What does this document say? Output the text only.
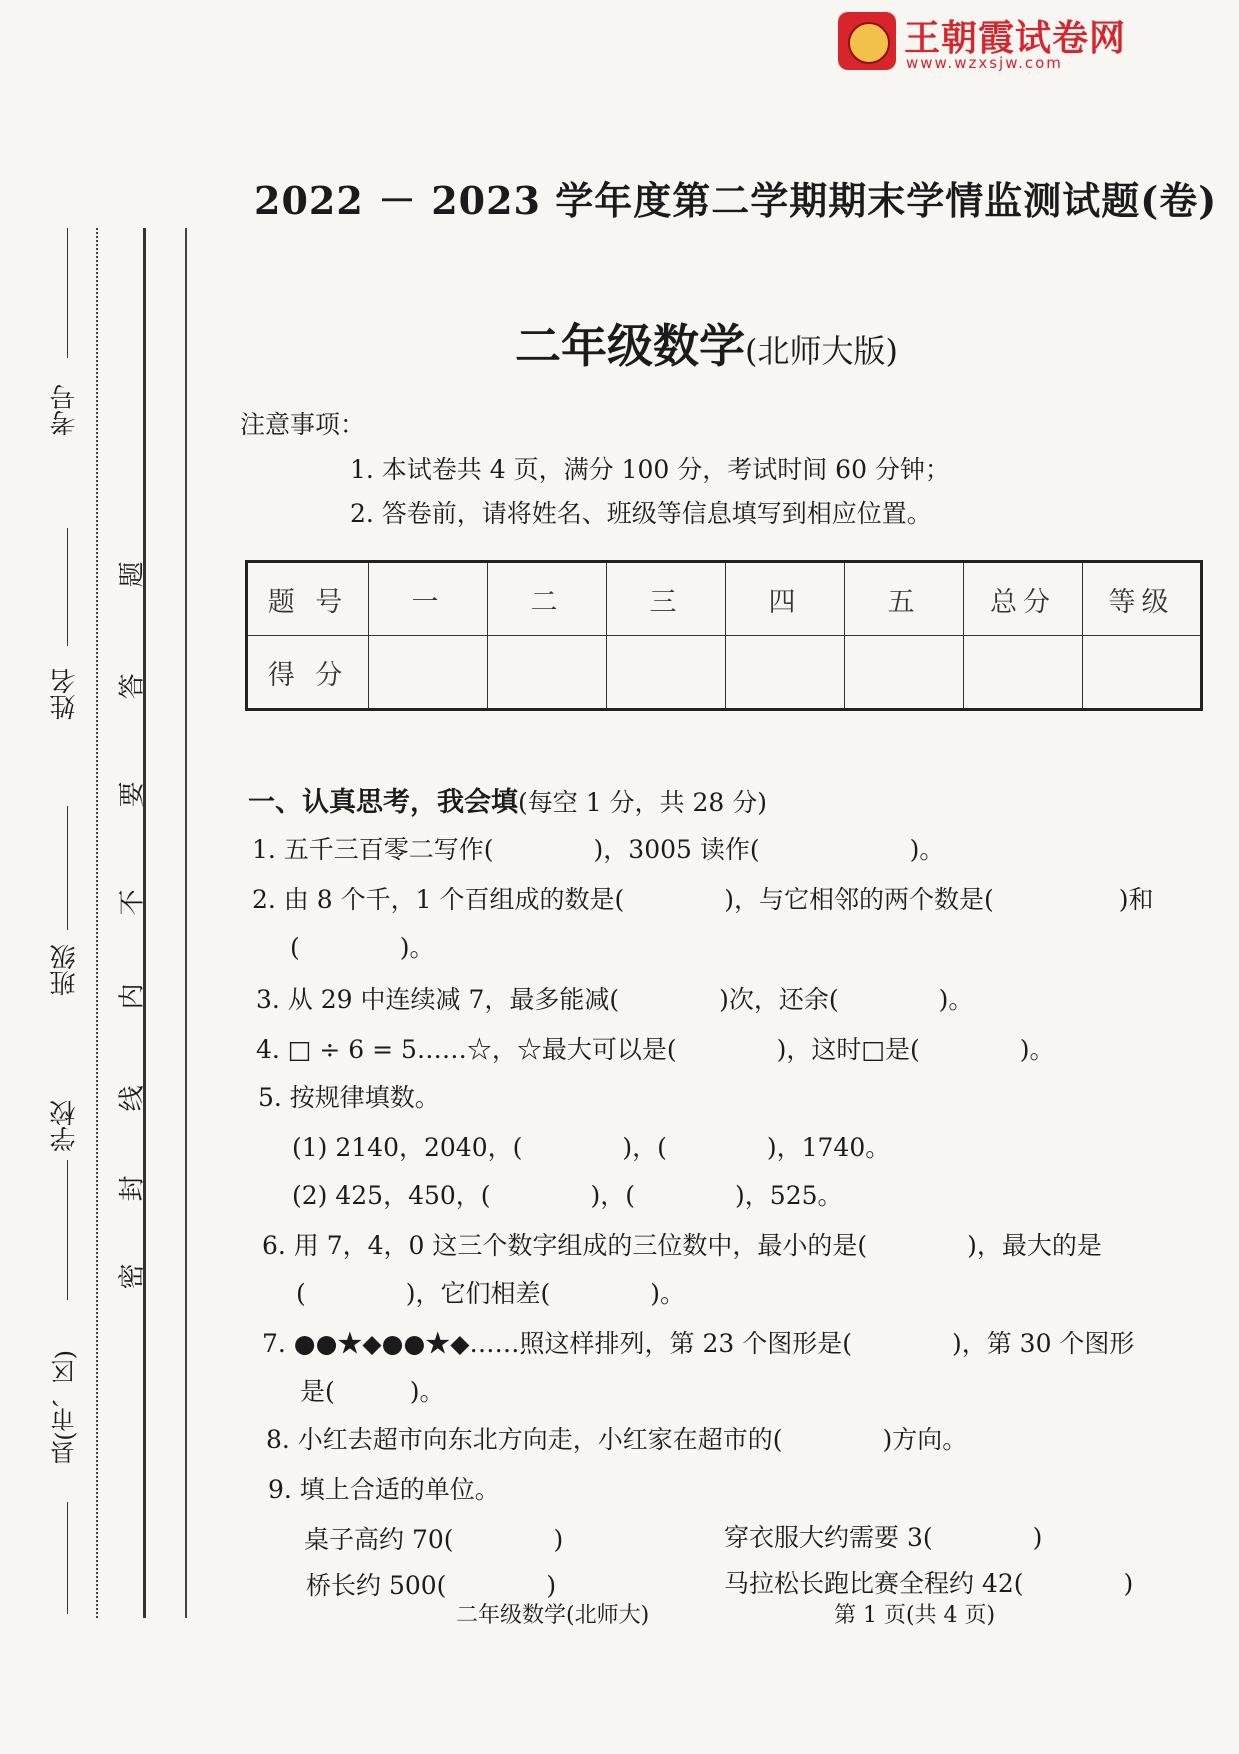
王朝霞试卷网
www.wzxsjw.com
考号
姓名
班级
学校
县(市、区)
题
答
要
不
内
线
封
密
2022 － 2023 学年度第二学期期末学情监测试题(卷)
二年级数学(北师大版)
注意事项：
1. 本试卷共 4 页，满分 100 分，考试时间 60 分钟；
2. 答卷前，请将姓名、班级等信息填写到相应位置。
题 号	一	二	三	四	五	总分	等级
得 分							
一、认真思考，我会填(每空 1 分，共 28 分)
1. 五千三百零二写作(　　　　)，3005 读作(　　　　　　)。
2. 由 8 个千，1 个百组成的数是(　　　　)，与它相邻的两个数是(　　　　　)和
(　　　　)。
3. 从 29 中连续减 7，最多能减(　　　　)次，还余(　　　　)。
4. □ ÷ 6 = 5……☆，☆最大可以是(　　　　)，这时□是(　　　　)。
5. 按规律填数。
(1) 2140，2040，(　　　　)，(　　　　)，1740。
(2) 425，450，(　　　　)，(　　　　)，525。
6. 用 7，4，0 这三个数字组成的三位数中，最小的是(　　　　)，最大的是
(　　　　)，它们相差(　　　　)。
7. ●●★◆●●★◆……照这样排列，第 23 个图形是(　　　　)，第 30 个图形
是(　　　)。
8. 小红去超市向东北方向走，小红家在超市的(　　　　)方向。
9. 填上合适的单位。
桌子高约 70(　　　　)	穿衣服大约需要 3(　　　　)
桥长约 500(　　　　)	马拉松长跑比赛全程约 42(　　　　)
二年级数学(北师大)	第 1 页(共 4 页)
